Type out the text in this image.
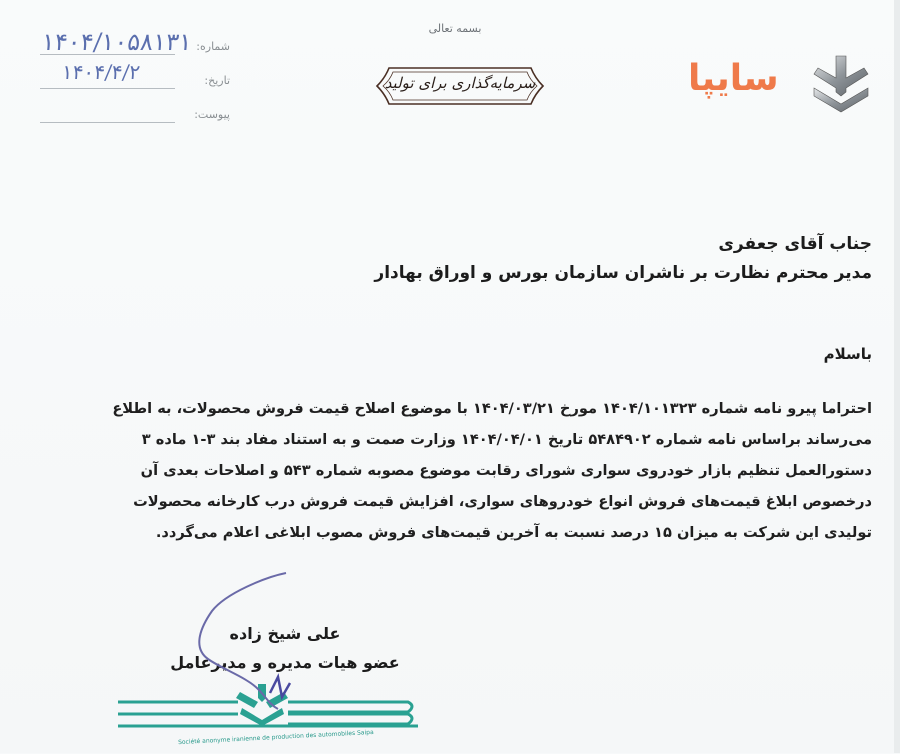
۱۴۰۴/۱۰۵۸۱۳۱ شماره:
۱۴۰۴/۴/۲	تاریخ:
پیوست:
بسمه تعالی
سرمایه‌گذاری برای تولید	سایپا
جناب آقای جعفری
مدیر محترم نظارت بر ناشران سازمان بورس و اوراق بهادار
باسلام
احتراما پیرو نامه شماره ۱۴۰۴/۱۰۱۳۲۳ مورخ ۱۴۰۴/۰۳/۲۱ با موضوع اصلاح قیمت فروش محصولات، به اطلاع
می‌رساند براساس نامه شماره ۵۴۸۴۹۰۲ تاریخ ۱۴۰۴/۰۴/۰۱ وزارت صمت و به استناد مفاد بند ۳-۱ ماده ۳
دستورالعمل تنظیم بازار خودروی سواری شورای رقابت موضوع مصوبه شماره ۵۴۳ و اصلاحات بعدی آن
درخصوص ابلاغ قیمت‌های فروش انواع خودروهای سواری، افزایش قیمت فروش درب کارخانه محصولات
تولیدی این شرکت به میزان ۱۵ درصد نسبت به آخرین قیمت‌های فروش مصوب ابلاغی اعلام می‌گردد.
علی شیخ زاده
عضو هیات مدیره و مدیرعامل
Société anonyme iranienne de production des automobiles Saipa
